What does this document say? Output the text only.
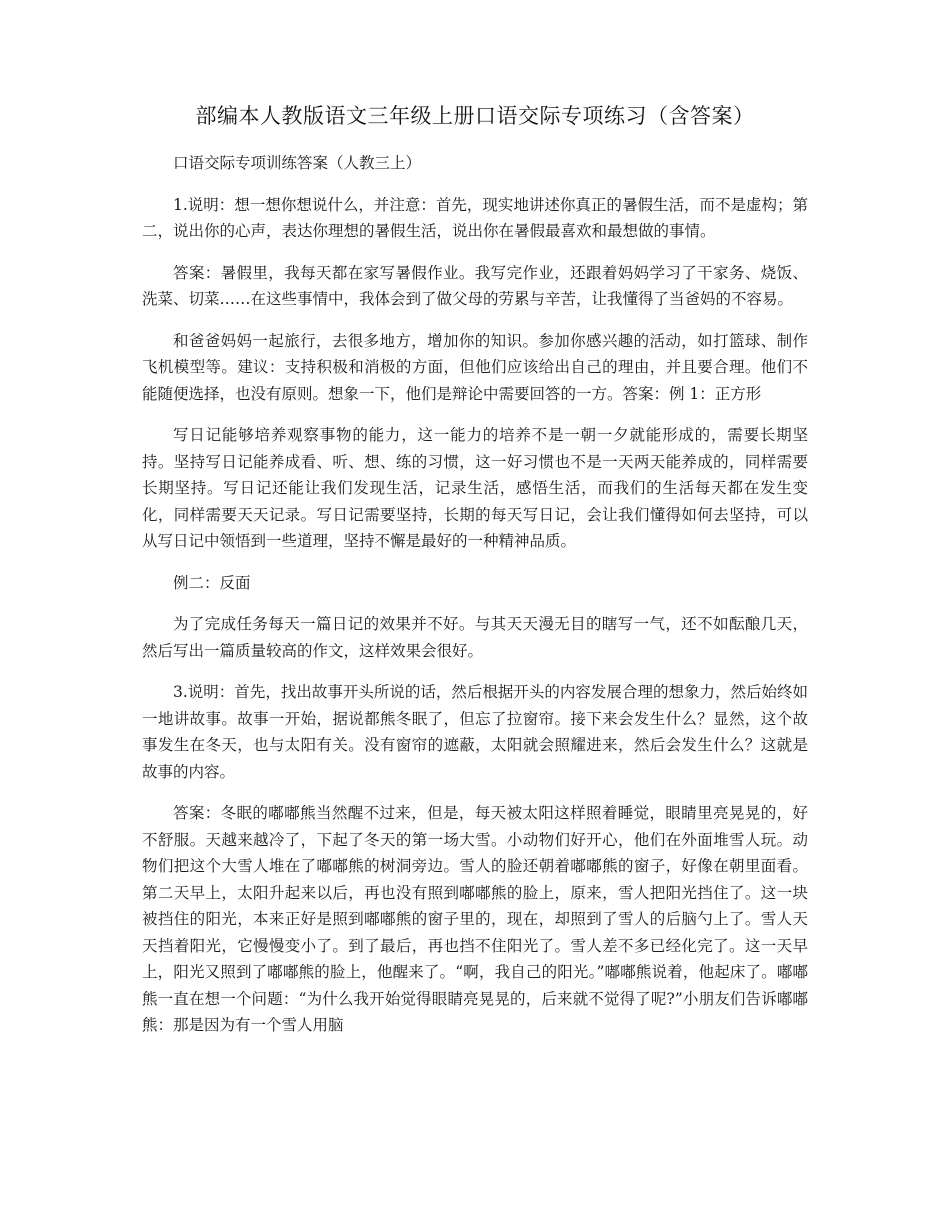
部编本人教版语文三年级上册口语交际专项练习（含答案）

口语交际专项训练答案（人教三上）

1.说明：想一想你想说什么，并注意：首先，现实地讲述你真正的暑假生活，而不是虚构；第二，说出你的心声，表达你理想的暑假生活，说出你在暑假最喜欢和最想做的事情。

答案：暑假里，我每天都在家写暑假作业。我写完作业，还跟着妈妈学习了干家务、烧饭、洗菜、切菜……在这些事情中，我体会到了做父母的劳累与辛苦，让我懂得了当爸妈的不容易。

和爸爸妈妈一起旅行，去很多地方，增加你的知识。参加你感兴趣的活动，如打篮球、制作飞机模型等。建议：支持积极和消极的方面，但他们应该给出自己的理由，并且要合理。他们不能随便选择，也没有原则。想象一下，他们是辩论中需要回答的一方。答案：例 1：正方形

写日记能够培养观察事物的能力，这一能力的培养不是一朝一夕就能形成的，需要长期坚持。坚持写日记能养成看、听、想、练的习惯，这一好习惯也不是一天两天能养成的，同样需要长期坚持。写日记还能让我们发现生活，记录生活，感悟生活，而我们的生活每天都在发生变化，同样需要天天记录。写日记需要坚持，长期的每天写日记，会让我们懂得如何去坚持，可以从写日记中领悟到一些道理，坚持不懈是最好的一种精神品质。

例二：反面

为了完成任务每天一篇日记的效果并不好。与其天天漫无目的瞎写一气，还不如酝酿几天，然后写出一篇质量较高的作文，这样效果会很好。

3.说明：首先，找出故事开头所说的话，然后根据开头的内容发展合理的想象力，然后始终如一地讲故事。故事一开始，据说都熊冬眠了，但忘了拉窗帘。接下来会发生什么？显然，这个故事发生在冬天，也与太阳有关。没有窗帘的遮蔽，太阳就会照耀进来，然后会发生什么？这就是故事的内容。

答案：冬眠的嘟嘟熊当然醒不过来，但是，每天被太阳这样照着睡觉，眼睛里亮晃晃的，好不舒服。天越来越冷了，下起了冬天的第一场大雪。小动物们好开心，他们在外面堆雪人玩。动物们把这个大雪人堆在了嘟嘟熊的树洞旁边。雪人的脸还朝着嘟嘟熊的窗子，好像在朝里面看。第二天早上，太阳升起来以后，再也没有照到嘟嘟熊的脸上，原来，雪人把阳光挡住了。这一块被挡住的阳光，本来正好是照到嘟嘟熊的窗子里的，现在，却照到了雪人的后脑勺上了。雪人天天挡着阳光，它慢慢变小了。到了最后，再也挡不住阳光了。雪人差不多已经化完了。这一天早上，阳光又照到了嘟嘟熊的脸上，他醒来了。“啊，我自己的阳光。”嘟嘟熊说着，他起床了。嘟嘟熊一直在想一个问题：“为什么我开始觉得眼睛亮晃晃的，后来就不觉得了呢?”小朋友们告诉嘟嘟熊：那是因为有一个雪人用脑
